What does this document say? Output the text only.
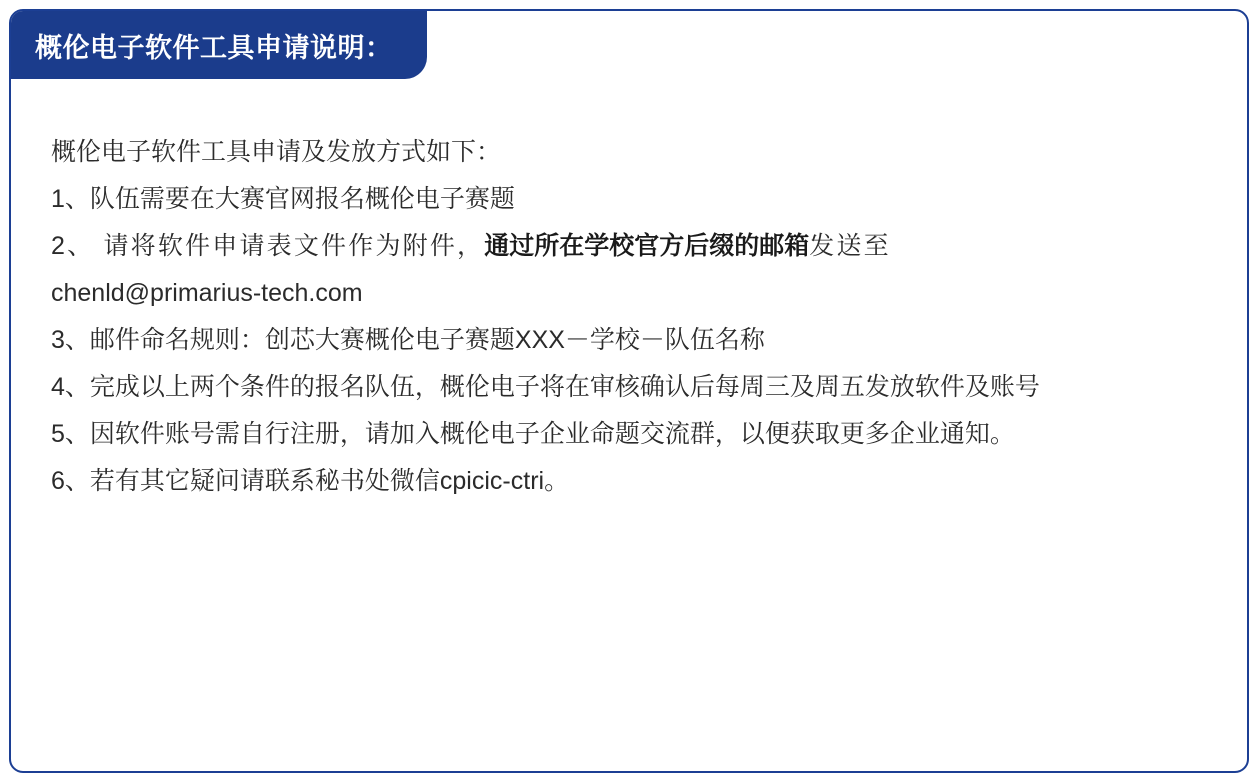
概伦电子软件工具申请说明：
概伦电子软件工具申请及发放方式如下：
1、队伍需要在大赛官网报名概伦电子赛题
2、 请将软件申请表文件作为附件，通过所在学校官方后缀的邮箱发送至
chenld@primarius-tech.com
3、邮件命名规则：创芯大赛概伦电子赛题XXX－学校－队伍名称
4、完成以上两个条件的报名队伍，概伦电子将在审核确认后每周三及周五发放软件及账号
5、因软件账号需自行注册，请加入概伦电子企业命题交流群，以便获取更多企业通知。
6、若有其它疑问请联系秘书处微信cpicic-ctri。
